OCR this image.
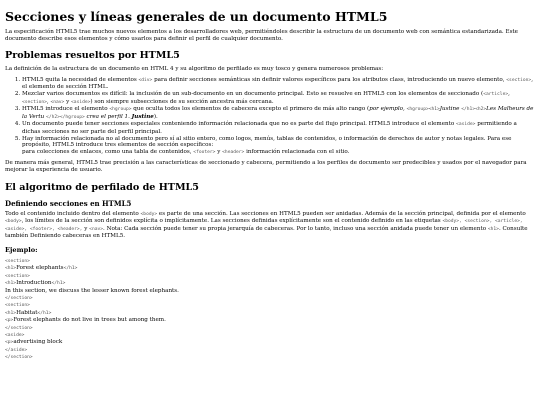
Secciones y líneas generales de un documento HTML5

La especificación HTML5 trae muchos nuevos elementos a los desarrolladores web, permitiéndoles describir la estructura de un documento web con semántica estandarizada. Este documento describe esos elementos y cómo usarlos para definir el perfil de cualquier documento.

Problemas resueltos por HTML5

La definición de la estructura de un documento en HTML 4 y su algoritmo de perfilado es muy tosco y genera numerosos problemas:

1. HTML5 quita la necesidad de elementos <div> para definir secciones semánticas sin definir valores específicos para los atributos class, introduciendo un nuevo elemento, <section>, el elemento de sección HTML.
2. Mezclar varios documentos es difícil: la inclusión de un sub-documento en un documento principal. Esto se resuelve en HTML5 con los elementos de seccionado (<article>, <section>, <nav> y <aside>) son siempre subsecciones de su sección ancestra más cercana.
3. HTML5 introduce el elemento <hgroup> que oculta todos los elementos de cabecera excepto el primero de más alto rango (por ejemplo, <hgroup><h1>Justine </h1><h2>Les Malheurs de la Vertu </h2></hgroup> crea el perfil 1. Justine).
4. Un documento puede tener secciones especiales conteniendo información relacionada que no es parte del flujo principal. HTML5 introduce el elemento <aside> permitiendo a dichas secciones no ser parte del perfil principal.
5. Hay información relacionada no al documento pero sí al sitio entero, como logos, menús, tablas de contenidos, o información de derechos de autor y notas legales. Para ese propósito, HTML5 introduce tres elementos de sección específicos:
para colecciones de enlaces, como una tabla de contenidos, <footer> y <header> información relacionada con el sitio.

De manera más general, HTML5 trae precisión a las características de seccionado y cabecera, permitiendo a los perfiles de documento ser predecibles y usados por el navegador para mejorar la experiencia de usuario.

El algoritmo de perfilado de HTML5
Definiendo secciones en HTML5

Todo el contenido incluido dentro del elemento <body> es parte de una sección. Las secciones en HTML5 pueden ser anidadas. Además de la sección principal, definida por el elemento <body>, los límites de la sección son definidos explícita o implícitamente. Las secciones definidas explícitamente son el contenido definido en las etiquetas <body>, <section>, <article>, <aside>, <footer>, <header>, y <nav>. Nota: Cada sección puede tener su propia jerarquía de cabeceras. Por lo tanto, incluso una sección anidada puede tener un elemento <h1>. Consulte también Definiendo cabeceras en HTML5.

Ejemplo:
<section>
<h1>Forest elephants</h1>
<section>
<h1>Introduction</h1>
In this section, we discuss the lesser known forest elephants.
</section>
<section>
<h1>Habitat</h1>
<p>Forest elephants do not live in trees but among them.
</section>
<aside>
<p>advertising block
</aside>
</section>
